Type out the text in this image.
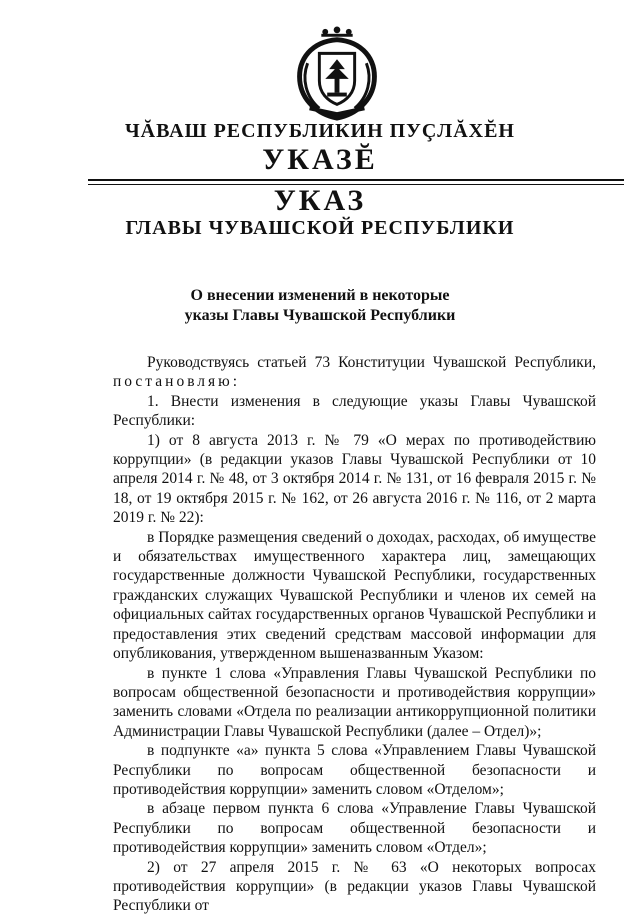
ЧĂВАШ РЕСПУБЛИКИН ПУÇЛĂХĔН
УКАЗĔ
УКАЗ
ГЛАВЫ ЧУВАШСКОЙ РЕСПУБЛИКИ
О внесении изменений в некоторые
указы Главы Чувашской Республики

Руководствуясь статьей 73 Конституции Чувашской Республики, постановляю:

1. Внести изменения в следующие указы Главы Чувашской Республики:

1) от 8 августа 2013 г. № 79 «О мерах по противодействию коррупции» (в редакции указов Главы Чувашской Республики от 10 апреля 2014 г. № 48, от 3 октября 2014 г. № 131, от 16 февраля 2015 г. № 18, от 19 октября 2015 г. № 162, от 26 августа 2016 г. № 116, от 2 марта 2019 г. № 22):

в Порядке размещения сведений о доходах, расходах, об имуществе и обязательствах имущественного характера лиц, замещающих государственные должности Чувашской Республики, государственных гражданских служащих Чувашской Республики и членов их семей на официальных сайтах государственных органов Чувашской Республики и предоставления этих сведений средствам массовой информации для опубликования, утвержденном вышеназванным Указом:

в пункте 1 слова «Управления Главы Чувашской Республики по вопросам общественной безопасности и противодействия коррупции» заменить словами «Отдела по реализации антикоррупционной политики Администрации Главы Чувашской Республики (далее – Отдел)»;

в подпункте «а» пункта 5 слова «Управлением Главы Чувашской Республики по вопросам общественной безопасности и противодействия коррупции» заменить словом «Отделом»;

в абзаце первом пункта 6 слова «Управление Главы Чувашской Республики по вопросам общественной безопасности и противодействия коррупции» заменить словом «Отдел»;

2) от 27 апреля 2015 г. № 63 «О некоторых вопросах противодействия коррупции» (в редакции указов Главы Чувашской Республики от
